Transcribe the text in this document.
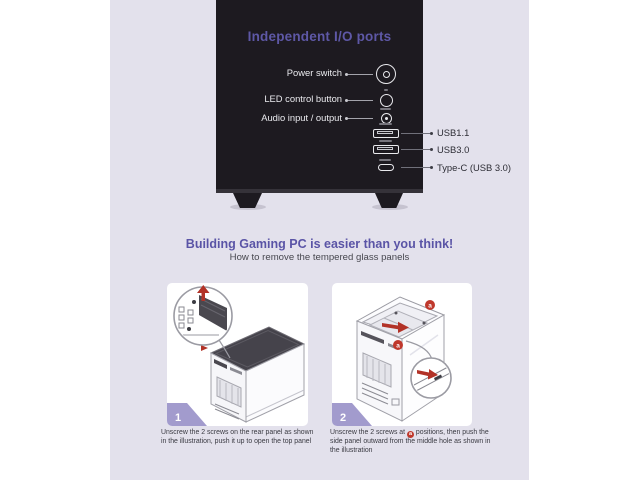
Independent I/O ports
Power switch
LED control button
Audio input / output
USB1.1
USB3.0
Type-C (USB 3.0)
Building Gaming PC is easier than you think!
How to remove the tempered glass panels
1
a
a
2
Unscrew the 2 screws on the rear panel as shown in the illustration, push it up to open the top panel
Unscrew the 2 screws at a positions, then push the side panel outward from the middle hole as shown in the illustration
